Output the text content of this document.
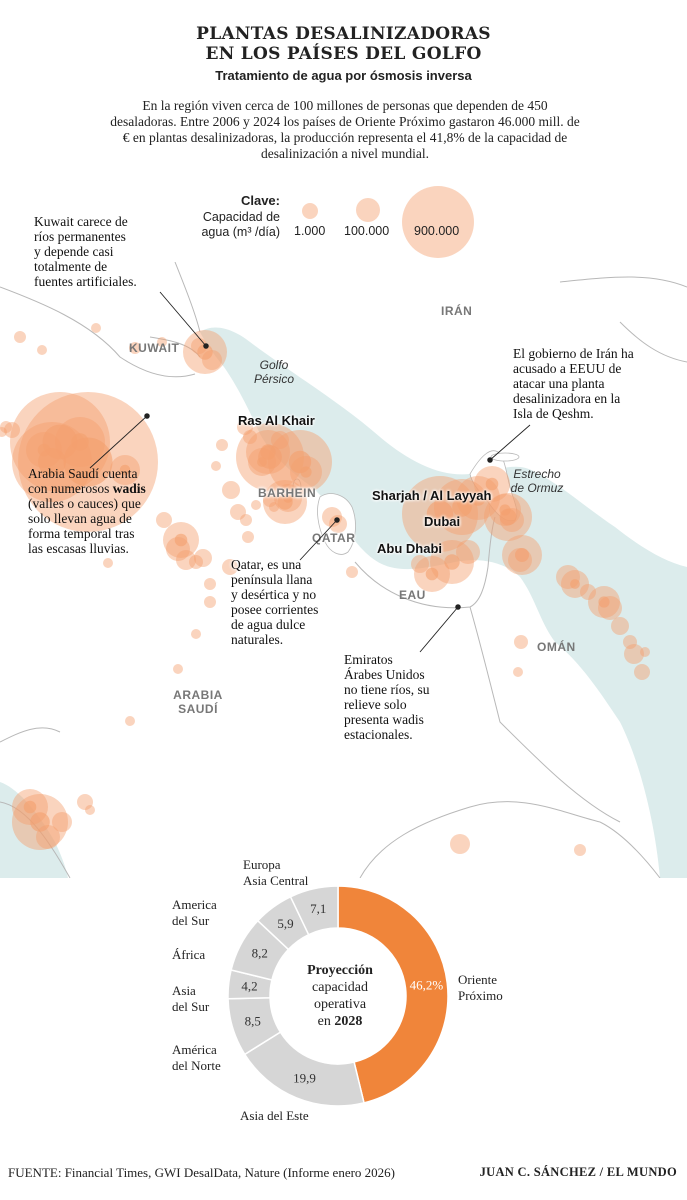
PLANTAS DESALINIZADORAS
EN LOS PAÍSES DEL GOLFO
Tratamiento de agua por ósmosis inversa
En la región viven cerca de 100 millones de personas que dependen de 450 desaladoras. Entre 2006 y 2024 los países de Oriente Próximo gastaron 46.000 mill. de € en plantas desalinizadoras, la producción representa el 41,8% de la capacidad de desalinización a nivel mundial.
Clave:
Capacidad de
agua (m³ /día) 1.000 100.000 900.000
KUWAIT
IRÁN
BARHEIN
QATAR
EAU
OMÁN
ARABIA
SAUDÍ
Golfo
Pérsico
Estrecho
de Ormuz
Ras Al Khair
Sharjah / Al Layyah
Dubai
Abu Dhabi
Kuwait carece de
ríos permanentes
y depende casi
totalmente de
fuentes artificiales.
El gobierno de Irán ha
acusado a EEUU de
atacar una planta
desalinizadora en la
Isla de Qeshm.
Arabia Saudí cuenta
con numerosos wadis
(valles o cauces) que
solo llevan agua de
forma temporal tras
las escasas lluvias.
Qatar, es una
península llana
y desértica y no
posee corrientes
de agua dulce
naturales.
Emiratos
Árabes Unidos
no tiene ríos, su
relieve solo
presenta wadis
estacionales.
46,2%
19,9
8,5
4,2
8,2
5,9
7,1
Proyección
capacidad
operativa
en 2028
Oriente
Próximo
Asia del Este
América
del Norte
Asia
del Sur
África
America
del Sur
Europa
Asia Central
FUENTE: Financial Times, GWI DesalData, Nature (Informe enero 2026)	JUAN C. SÁNCHEZ / EL MUNDO
